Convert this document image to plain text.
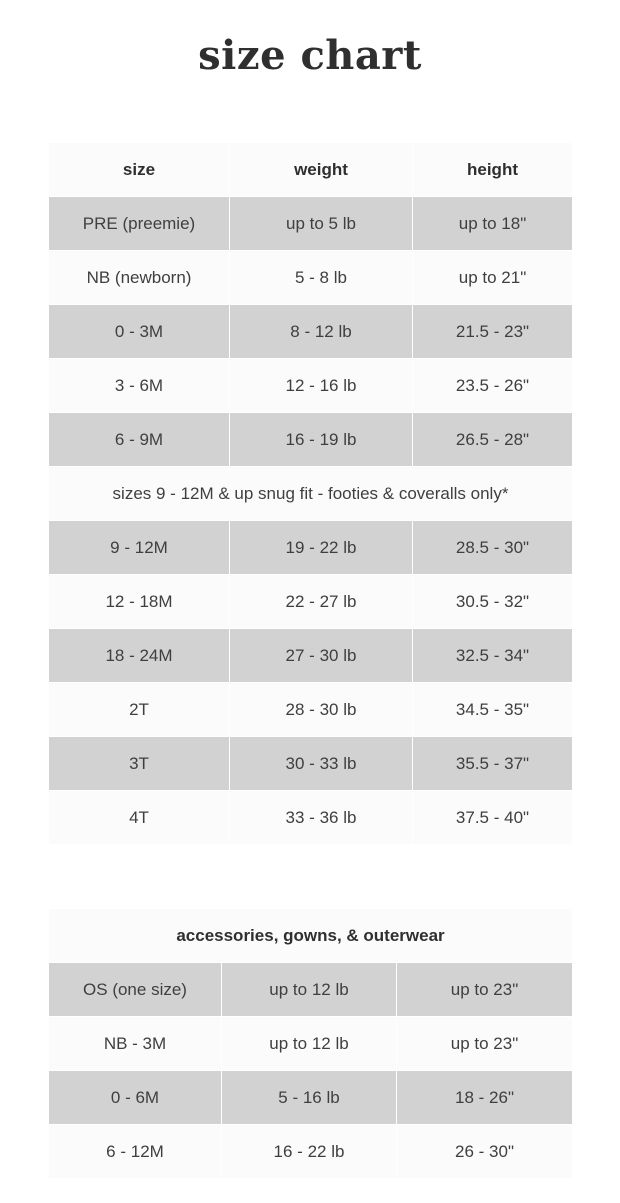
size chart
size	weight	height
PRE (preemie)	up to 5 lb	up to 18"
NB (newborn)	5 - 8 lb	up to 21"
0 - 3M	8 - 12 lb	21.5 - 23"
3 - 6M	12 - 16 lb	23.5 - 26"
6 - 9M	16 - 19 lb	26.5 - 28"
sizes 9 - 12M & up snug fit - footies & coveralls only*		
9 - 12M	19 - 22 lb	28.5 - 30"
12 - 18M	22 - 27 lb	30.5 - 32"
18 - 24M	27 - 30 lb	32.5 - 34"
2T	28 - 30 lb	34.5 - 35"
3T	30 - 33 lb	35.5 - 37"
4T	33 - 36 lb	37.5 - 40"
accessories, gowns, & outerwear		
OS (one size)	up to 12 lb	up to 23"
NB - 3M	up to 12 lb	up to 23"
0 - 6M	5 - 16 lb	18 - 26"
6 - 12M	16 - 22 lb	26 - 30"
